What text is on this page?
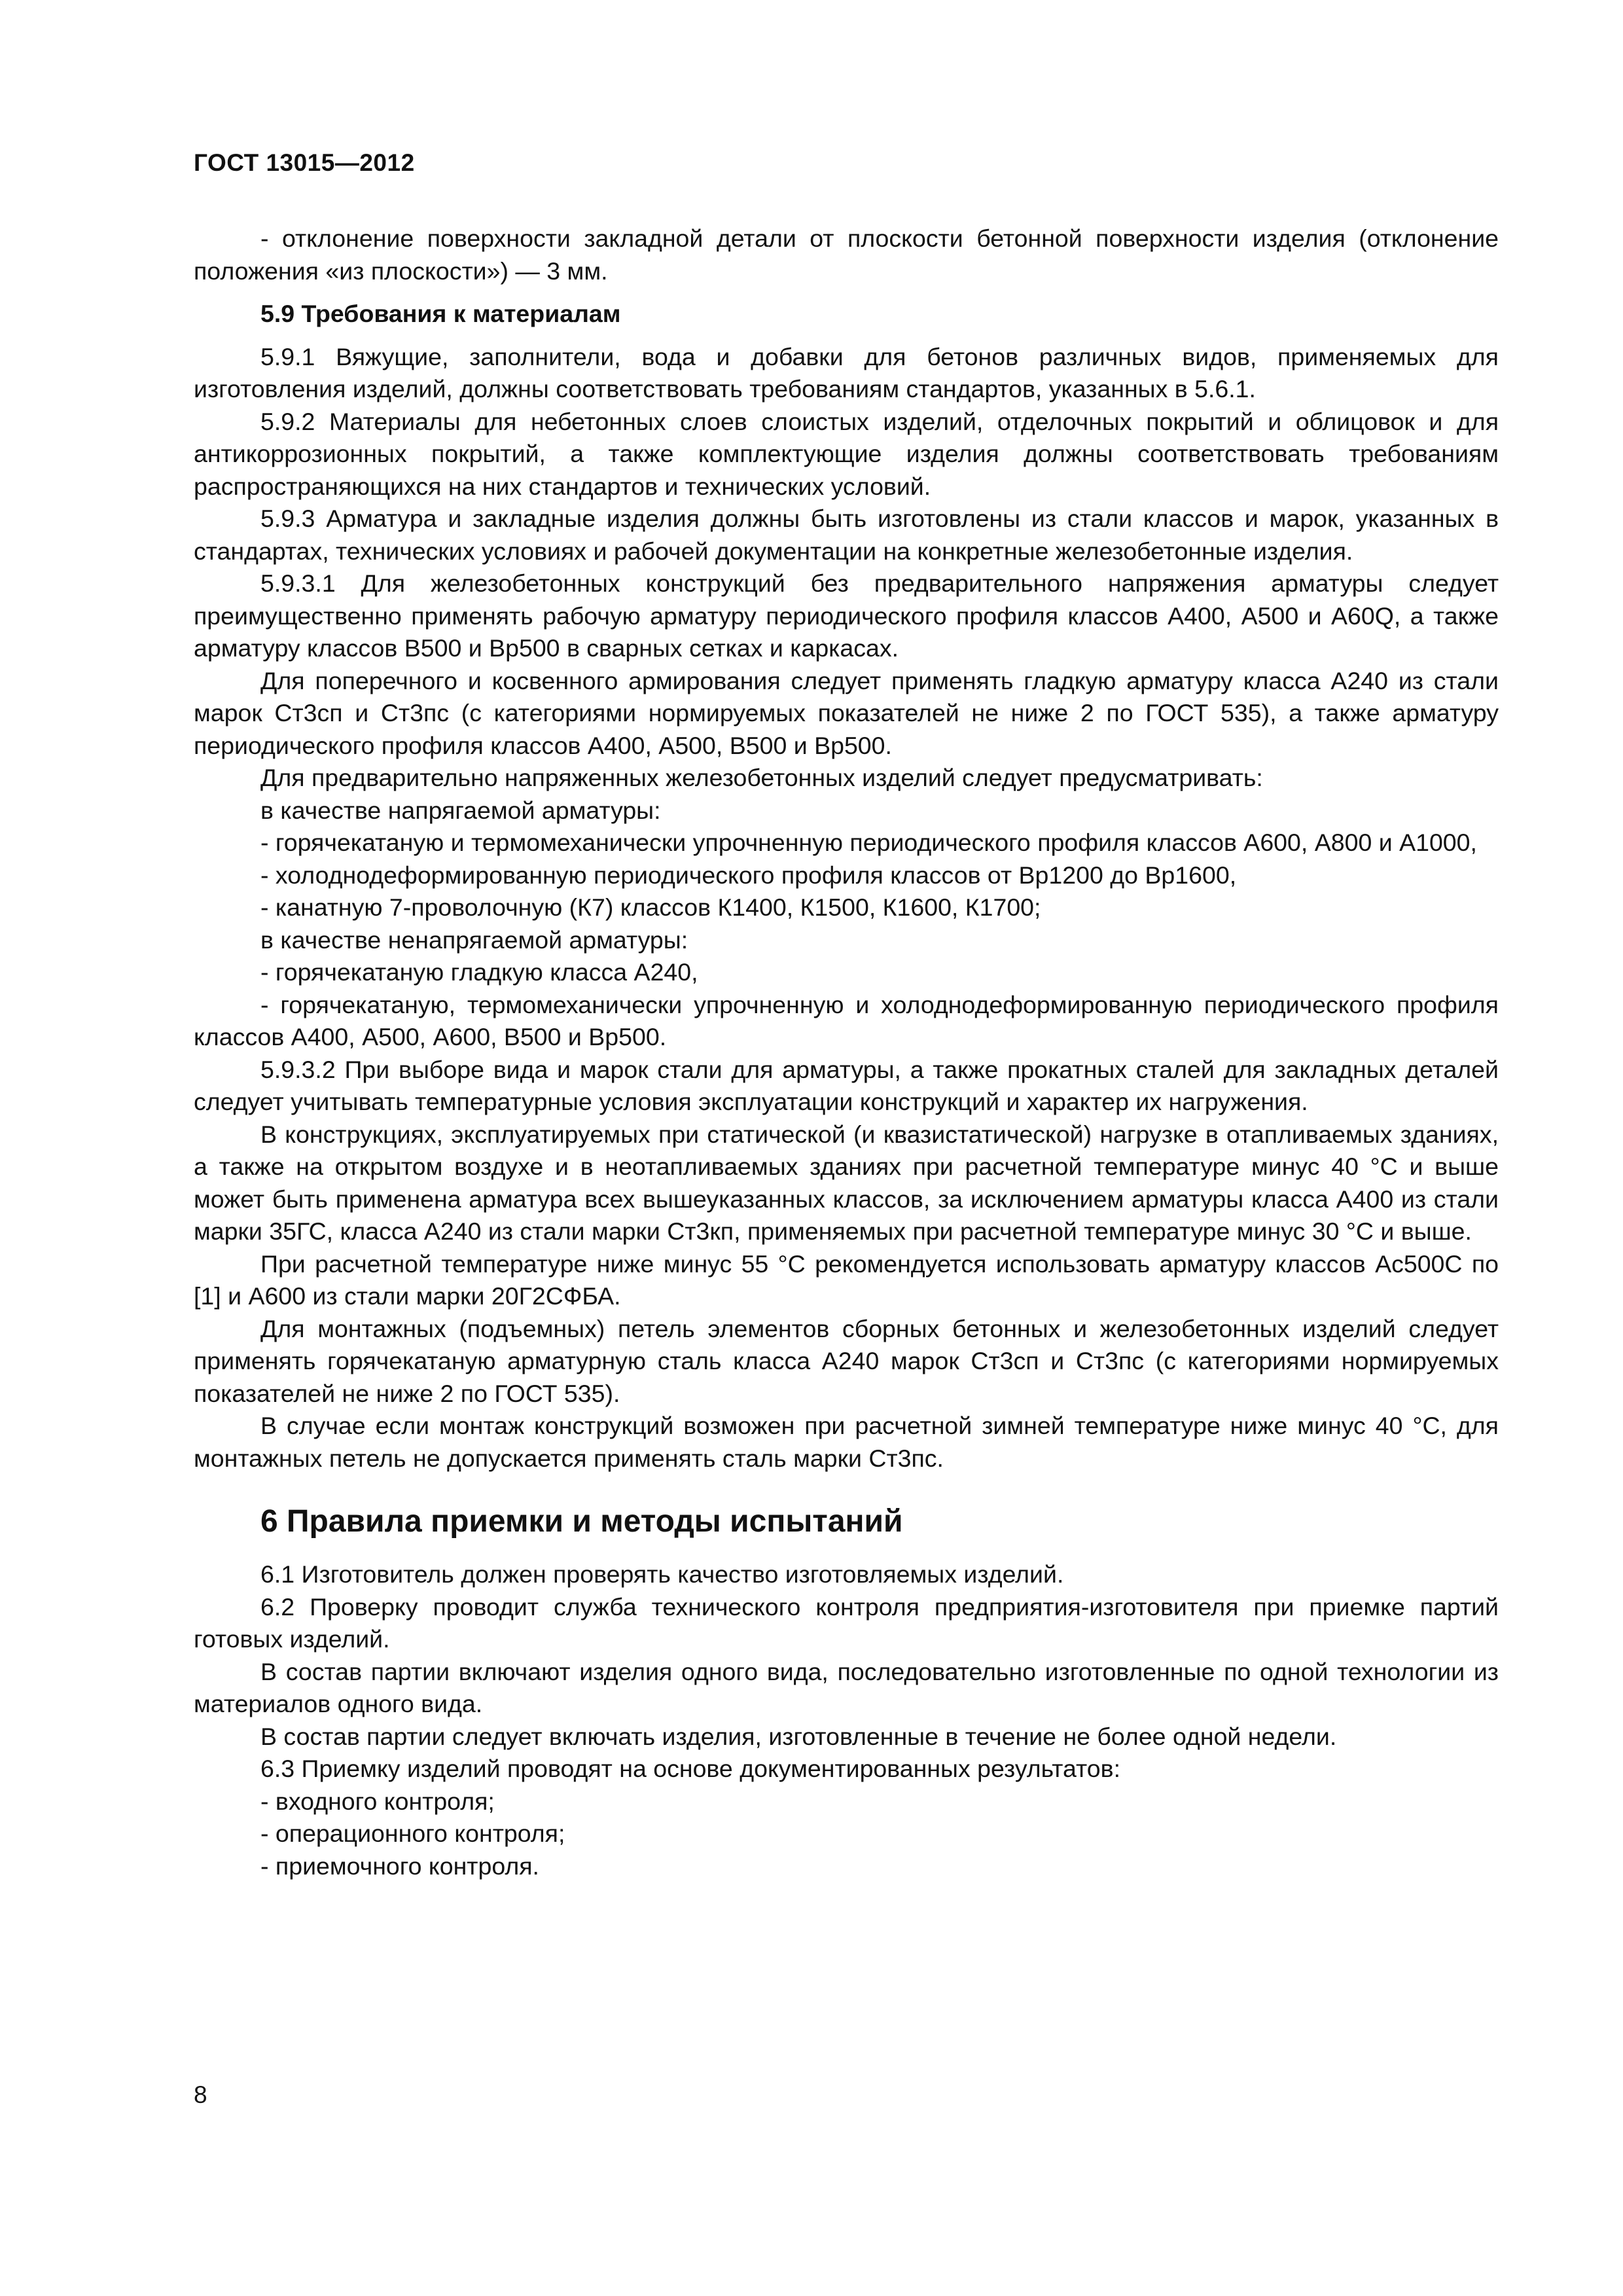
ГОСТ 13015—2012

- отклонение поверхности закладной детали от плоскости бетонной поверхности изделия (отклонение положения «из плоскости») — 3 мм.

5.9 Требования к материалам

5.9.1 Вяжущие, заполнители, вода и добавки для бетонов различных видов, применяемых для изготовления изделий, должны соответствовать требованиям стандартов, указанных в 5.6.1.

5.9.2 Материалы для небетонных слоев слоистых изделий, отделочных покрытий и облицовок и для антикоррозионных покрытий, а также комплектующие изделия должны соответствовать требованиям распространяющихся на них стандартов и технических условий.

5.9.3 Арматура и закладные изделия должны быть изготовлены из стали классов и марок, указанных в стандартах, технических условиях и рабочей документации на конкретные железобетонные изделия.

5.9.3.1 Для железобетонных конструкций без предварительного напряжения арматуры следует преимущественно применять рабочую арматуру периодического профиля классов А400, А500 и А60Q, а также арматуру классов В500 и Вр500 в сварных сетках и каркасах.

Для поперечного и косвенного армирования следует применять гладкую арматуру класса А240 из стали марок Ст3сп и Ст3пс (с категориями нормируемых показателей не ниже 2 по ГОСТ 535), а также арматуру периодического профиля классов А400, А500, В500 и Вр500.

Для предварительно напряженных железобетонных изделий следует предусматривать:

в качестве напрягаемой арматуры:

- горячекатаную и термомеханически упрочненную периодического профиля классов А600, А800 и А1000,

- холоднодеформированную периодического профиля классов от Вр1200 до Вр1600,

- канатную 7-проволочную (К7) классов К1400, К1500, К1600, К1700;

в качестве ненапрягаемой арматуры:

- горячекатаную гладкую класса А240,

- горячекатаную, термомеханически упрочненную и холоднодеформированную периодического профиля классов А400, А500, А600, В500 и Вр500.

5.9.3.2 При выборе вида и марок стали для арматуры, а также прокатных сталей для закладных деталей следует учитывать температурные условия эксплуатации конструкций и характер их нагружения.

В конструкциях, эксплуатируемых при статической (и квазистатической) нагрузке в отапливаемых зданиях, а также на открытом воздухе и в неотапливаемых зданиях при расчетной температуре минус 40 °С и выше может быть применена арматура всех вышеуказанных классов, за исключением арматуры класса А400 из стали марки 35ГС, класса А240 из стали марки Ст3кп, применяемых при расчетной температуре минус 30 °С и выше.

При расчетной температуре ниже минус 55 °С рекомендуется использовать арматуру классов Ас500С по [1] и А600 из стали марки 20Г2СФБА.

Для монтажных (подъемных) петель элементов сборных бетонных и железобетонных изделий следует применять горячекатаную арматурную сталь класса А240 марок Ст3сп и Ст3пс (с категориями нормируемых показателей не ниже 2 по ГОСТ 535).

В случае если монтаж конструкций возможен при расчетной зимней температуре ниже минус 40 °С, для монтажных петель не допускается применять сталь марки Ст3пс.

6 Правила приемки и методы испытаний

6.1 Изготовитель должен проверять качество изготовляемых изделий.

6.2 Проверку проводит служба технического контроля предприятия-изготовителя при приемке партий готовых изделий.

В состав партии включают изделия одного вида, последовательно изготовленные по одной технологии из материалов одного вида.

В состав партии следует включать изделия, изготовленные в течение не более одной недели.

6.3 Приемку изделий проводят на основе документированных результатов:

- входного контроля;

- операционного контроля;

- приемочного контроля.

8
